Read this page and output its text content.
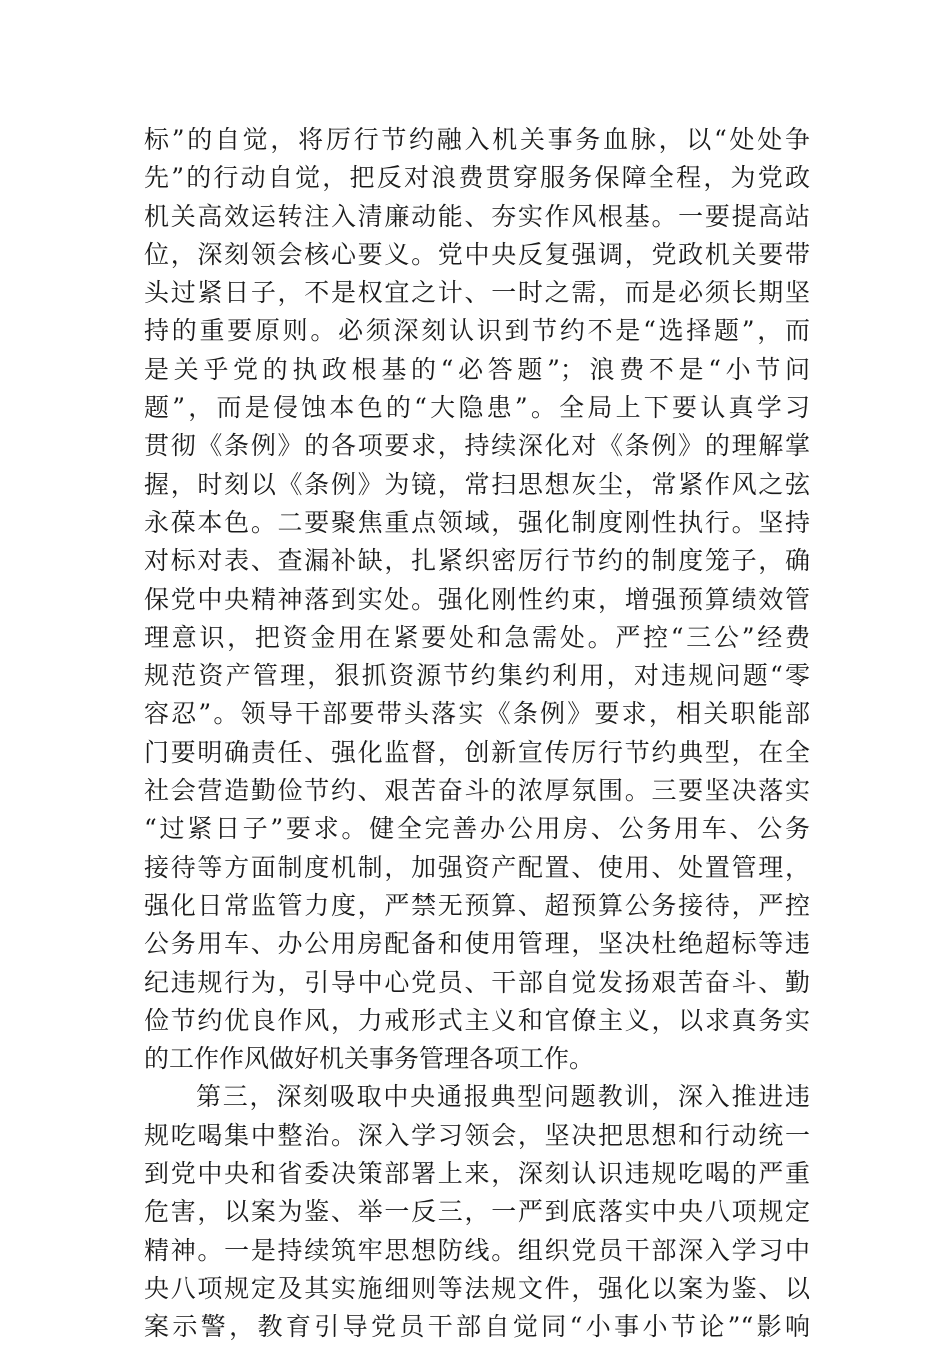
标”的自觉，将厉行节约融入机关事务血脉，以“处处争
先”的行动自觉，把反对浪费贯穿服务保障全程，为党政
机关高效运转注入清廉动能、夯实作风根基。一要提高站
位，深刻领会核心要义。党中央反复强调，党政机关要带
头过紧日子，不是权宜之计、一时之需，而是必须长期坚
持的重要原则。必须深刻认识到节约不是“选择题”，而
是关乎党的执政根基的“必答题”；浪费不是“小节问
题”，而是侵蚀本色的“大隐患”。全局上下要认真学习
贯彻《条例》的各项要求，持续深化对《条例》的理解掌
握，时刻以《条例》为镜，常扫思想灰尘，常紧作风之弦
永葆本色。二要聚焦重点领域，强化制度刚性执行。坚持
对标对表、查漏补缺，扎紧织密厉行节约的制度笼子，确
保党中央精神落到实处。强化刚性约束，增强预算绩效管
理意识，把资金用在紧要处和急需处。严控“三公”经费
规范资产管理，狠抓资源节约集约利用，对违规问题“零
容忍”。领导干部要带头落实《条例》要求，相关职能部
门要明确责任、强化监督，创新宣传厉行节约典型，在全
社会营造勤俭节约、艰苦奋斗的浓厚氛围。三要坚决落实
“过紧日子”要求。健全完善办公用房、公务用车、公务
接待等方面制度机制，加强资产配置、使用、处置管理，
强化日常监管力度，严禁无预算、超预算公务接待，严控
公务用车、办公用房配备和使用管理，坚决杜绝超标等违
纪违规行为，引导中心党员、干部自觉发扬艰苦奋斗、勤
俭节约优良作风，力戒形式主义和官僚主义，以求真务实
的工作作风做好机关事务管理各项工作。
第三，深刻吸取中央通报典型问题教训，深入推进违
规吃喝集中整治。深入学习领会，坚决把思想和行动统一
到党中央和省委决策部署上来，深刻认识违规吃喝的严重
危害，以案为鉴、举一反三，一严到底落实中央八项规定
精神。一是持续筑牢思想防线。组织党员干部深入学习中
央八项规定及其实施细则等法规文件，强化以案为鉴、以
案示警，教育引导党员干部自觉同“小事小节论”“影响
